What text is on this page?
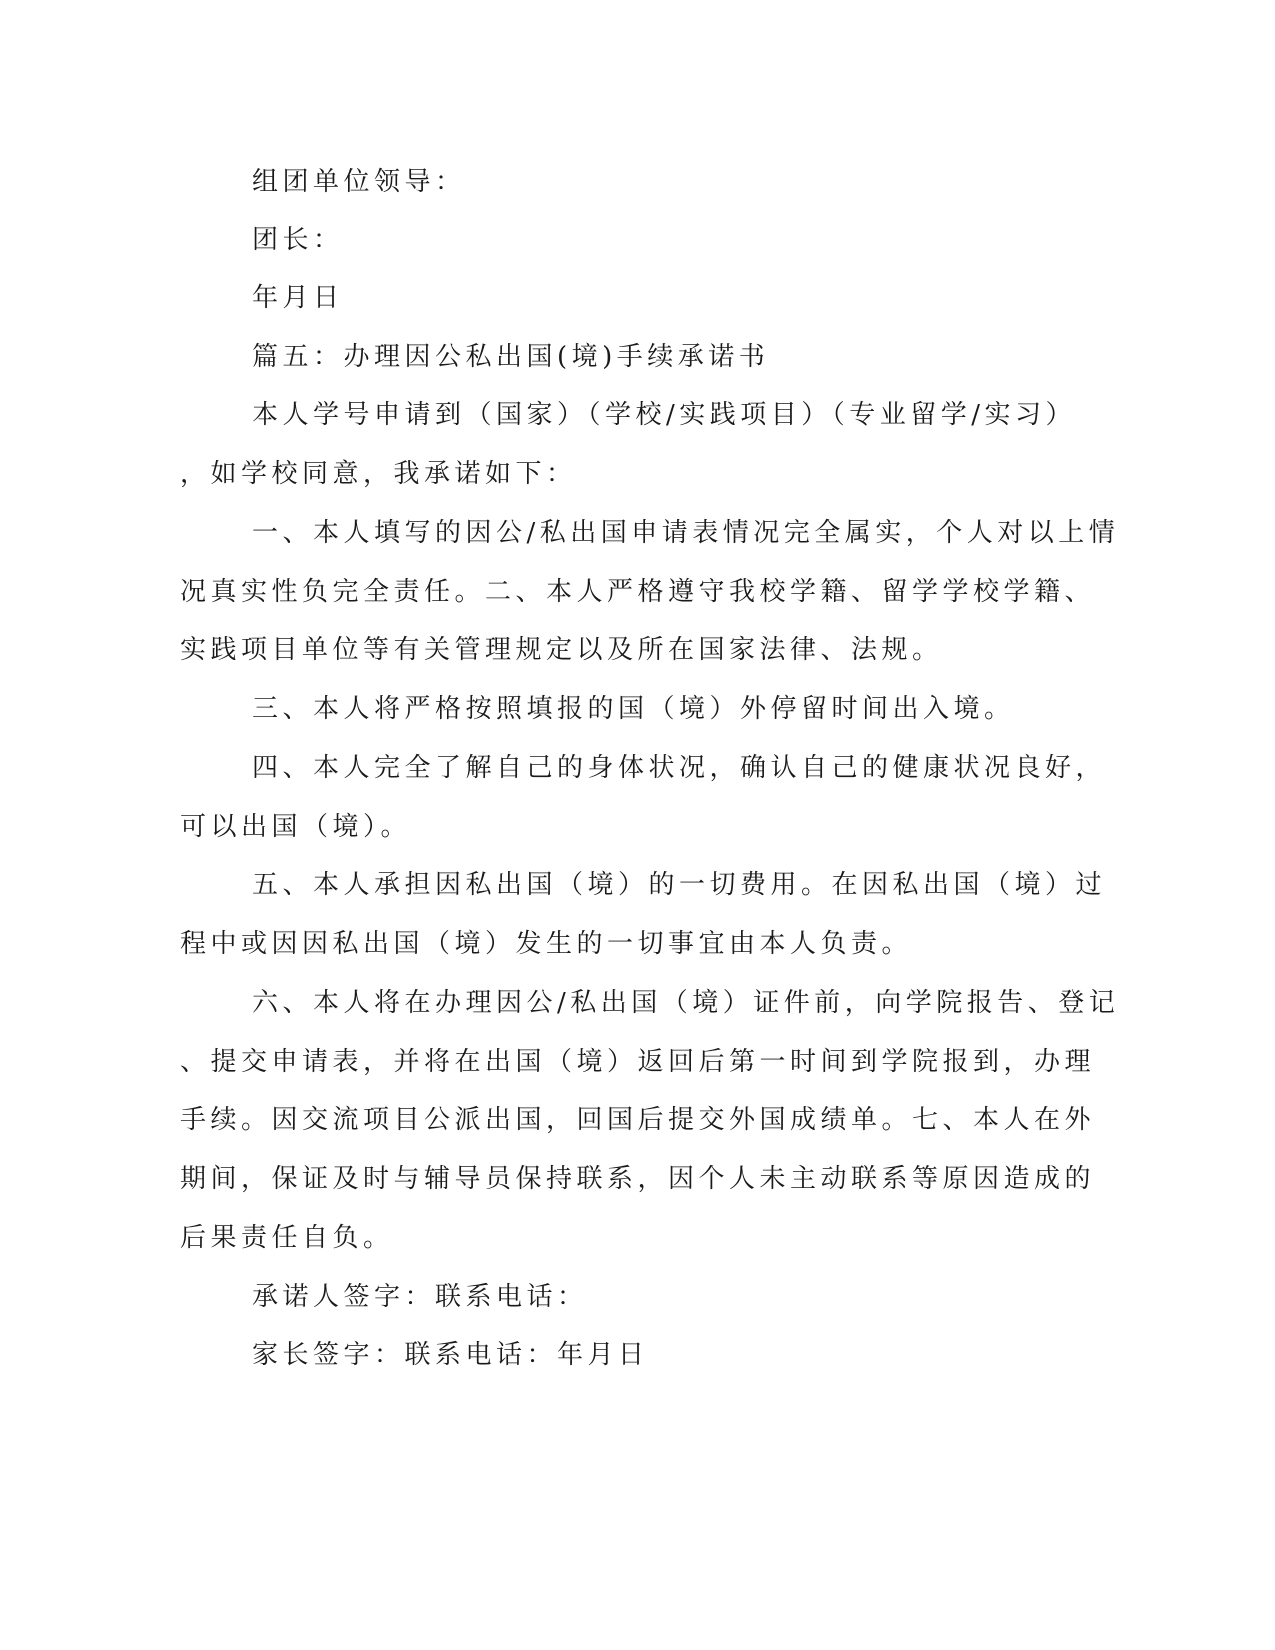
组团单位领导：
团长：
年月日
篇五：办理因公私出国(境)手续承诺书
本人学号申请到（国家）（学校/实践项目）（专业留学/实习）
，如学校同意，我承诺如下：
一、本人填写的因公/私出国申请表情况完全属实，个人对以上情
况真实性负完全责任。二、本人严格遵守我校学籍、留学学校学籍、
实践项目单位等有关管理规定以及所在国家法律、法规。
三、本人将严格按照填报的国（境）外停留时间出入境。
四、本人完全了解自己的身体状况，确认自己的健康状况良好，
可以出国（境）。
五、本人承担因私出国（境）的一切费用。在因私出国（境）过
程中或因因私出国（境）发生的一切事宜由本人负责。
六、本人将在办理因公/私出国（境）证件前，向学院报告、登记
、提交申请表，并将在出国（境）返回后第一时间到学院报到，办理
手续。因交流项目公派出国，回国后提交外国成绩单。七、本人在外
期间，保证及时与辅导员保持联系，因个人未主动联系等原因造成的
后果责任自负。
承诺人签字：联系电话：
家长签字：联系电话：年月日
